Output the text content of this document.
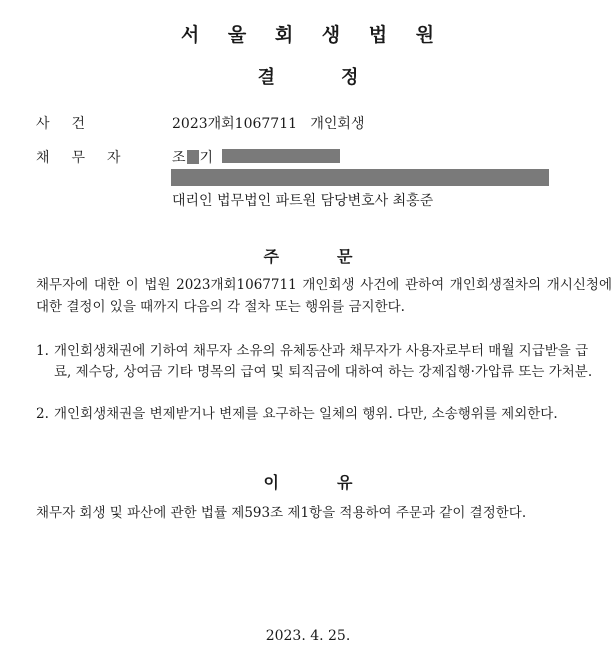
서 울 회 생 법 원
결	정
사건	2023개회1067711   개인회생
채무자 조 기
대리인 법무법인 파트원 담당변호사 최홍준
주	문
채무자에 대한 이 법원 2023개회1067711 개인회생 사건에 관하여 개인회생절차의 개시신청에 대한 결정이 있을 때까지 다음의 각 절차 또는 행위를 금지한다.
1. 개인회생채권에 기하여 채무자 소유의 유체동산과 채무자가 사용자로부터 매월 지급받을 급료, 제수당, 상여금 기타 명목의 급여 및 퇴직금에 대하여 하는 강제집행·가압류 또는 가처분.
2. 개인회생채권을 변제받거나 변제를 요구하는 일체의 행위. 다만, 소송행위를 제외한다.
이	유
채무자 회생 및 파산에 관한 법률 제593조 제1항을 적용하여 주문과 같이 결정한다.
2023. 4. 25.
